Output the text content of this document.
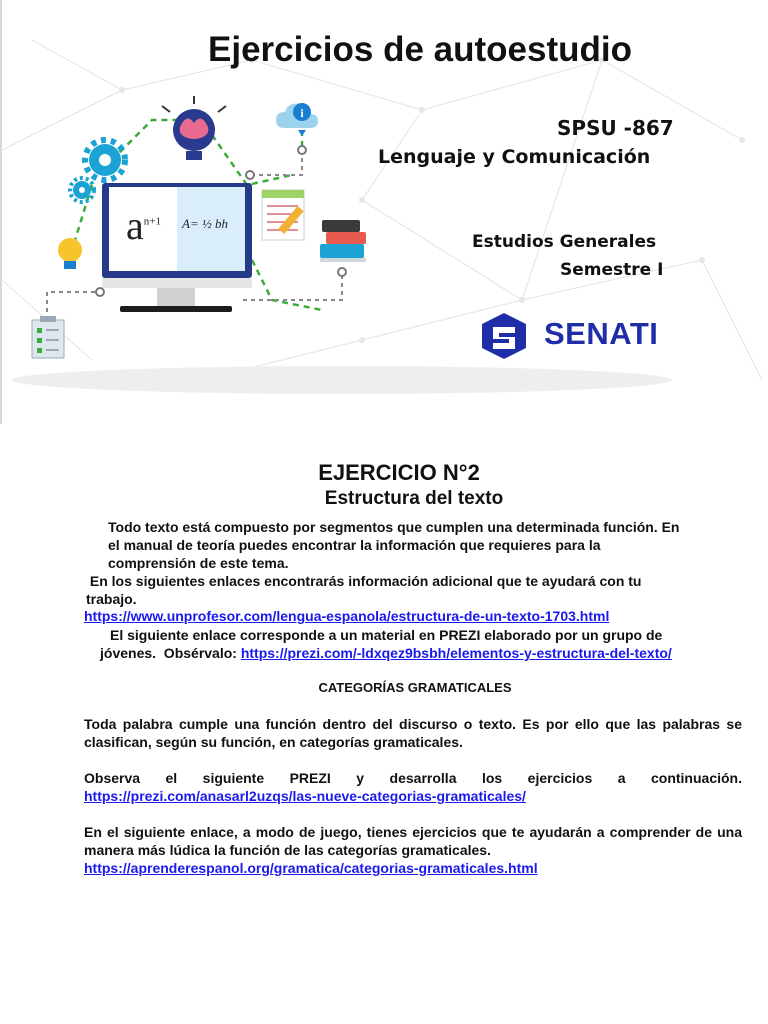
i
Ejercicios de autoestudio
$a^{n+1}$ A= ½ bh
SPSU -867
Lenguaje y Comunicación
Estudios Generales
Semestre I
SENATI
EJERCICIO N°2
Estructura del texto
Todo texto está compuesto por segmentos que cumplen una determinada función. En
el manual de teoría puedes encontrar la información que requieres para la
comprensión de este tema.
En los siguientes enlaces encontrarás información adicional que te ayudará con tu
trabajo.
https://www.unprofesor.com/lengua-espanola/estructura-de-un-texto-1703.html
El siguiente enlace corresponde a un material en PREZI elaborado por un grupo de
jóvenes.  Obsérvalo: https://prezi.com/-ldxqez9bsbh/elementos-y-estructura-del-texto/
CATEGORÍAS GRAMATICALES
Toda palabra cumple una función dentro del discurso o texto. Es por ello que las palabras se clasifican, según su función, en categorías gramaticales.
Observa el siguiente PREZI y desarrolla los ejercicios a continuación.
https://prezi.com/anasarl2uzqs/las-nueve-categorias-gramaticales/
En el siguiente enlace, a modo de juego, tienes ejercicios que te ayudarán a comprender de una manera más lúdica la función de las categorías gramaticales.
https://aprenderespanol.org/gramatica/categorias-gramaticales.html
